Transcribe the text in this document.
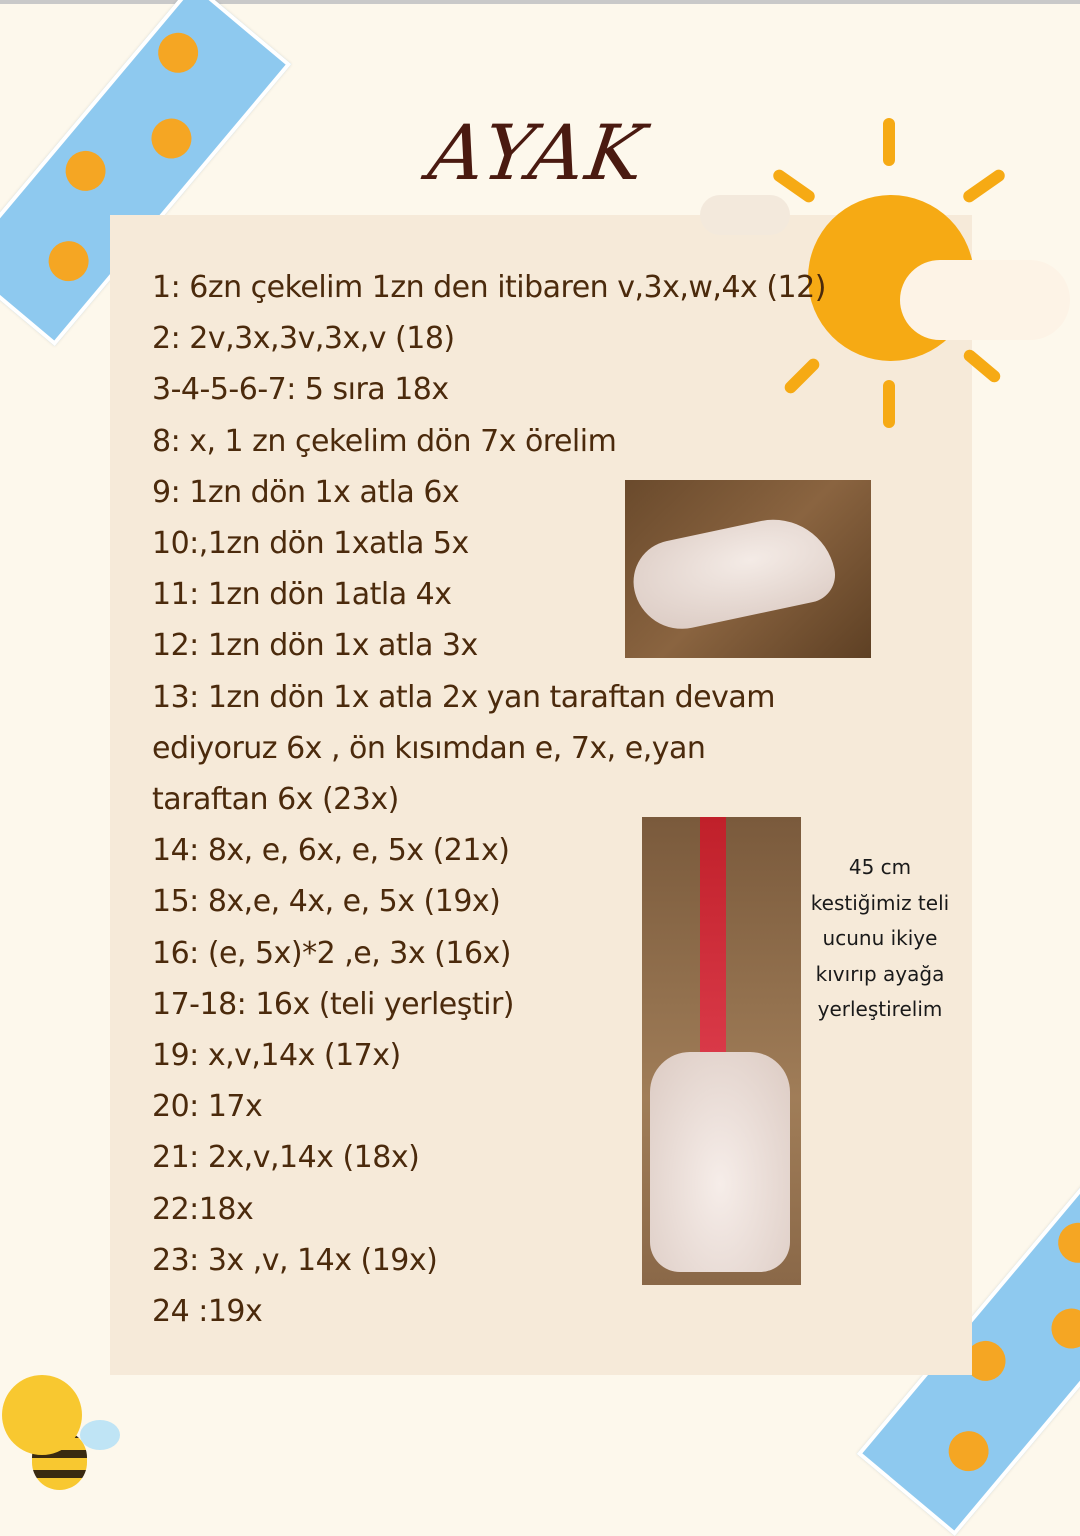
AYAK
1: 6zn çekelim 1zn den itibaren v,3x,w,4x (12)
2: 2v,3x,3v,3x,v (18)
3-4-5-6-7: 5 sıra 18x
8: x, 1 zn çekelim dön 7x örelim
9: 1zn dön 1x atla 6x
10:,1zn dön 1xatla 5x
11: 1zn dön 1atla 4x
12: 1zn dön 1x atla 3x
13: 1zn dön 1x atla 2x yan taraftan devam
ediyoruz 6x , ön kısımdan e, 7x, e,yan
taraftan 6x (23x)
14: 8x, e, 6x, e, 5x (21x)
15: 8x,e, 4x, e, 5x (19x)
16: (e, 5x)*2 ,e, 3x (16x)
17-18: 16x (teli yerleştir)
19: x,v,14x (17x)
20: 17x
21: 2x,v,14x (18x)
22:18x
23: 3x ,v, 14x (19x)
24 :19x
45 cm
kestiğimiz teli
ucunu ikiye
kıvırıp ayağa
yerleştirelim
